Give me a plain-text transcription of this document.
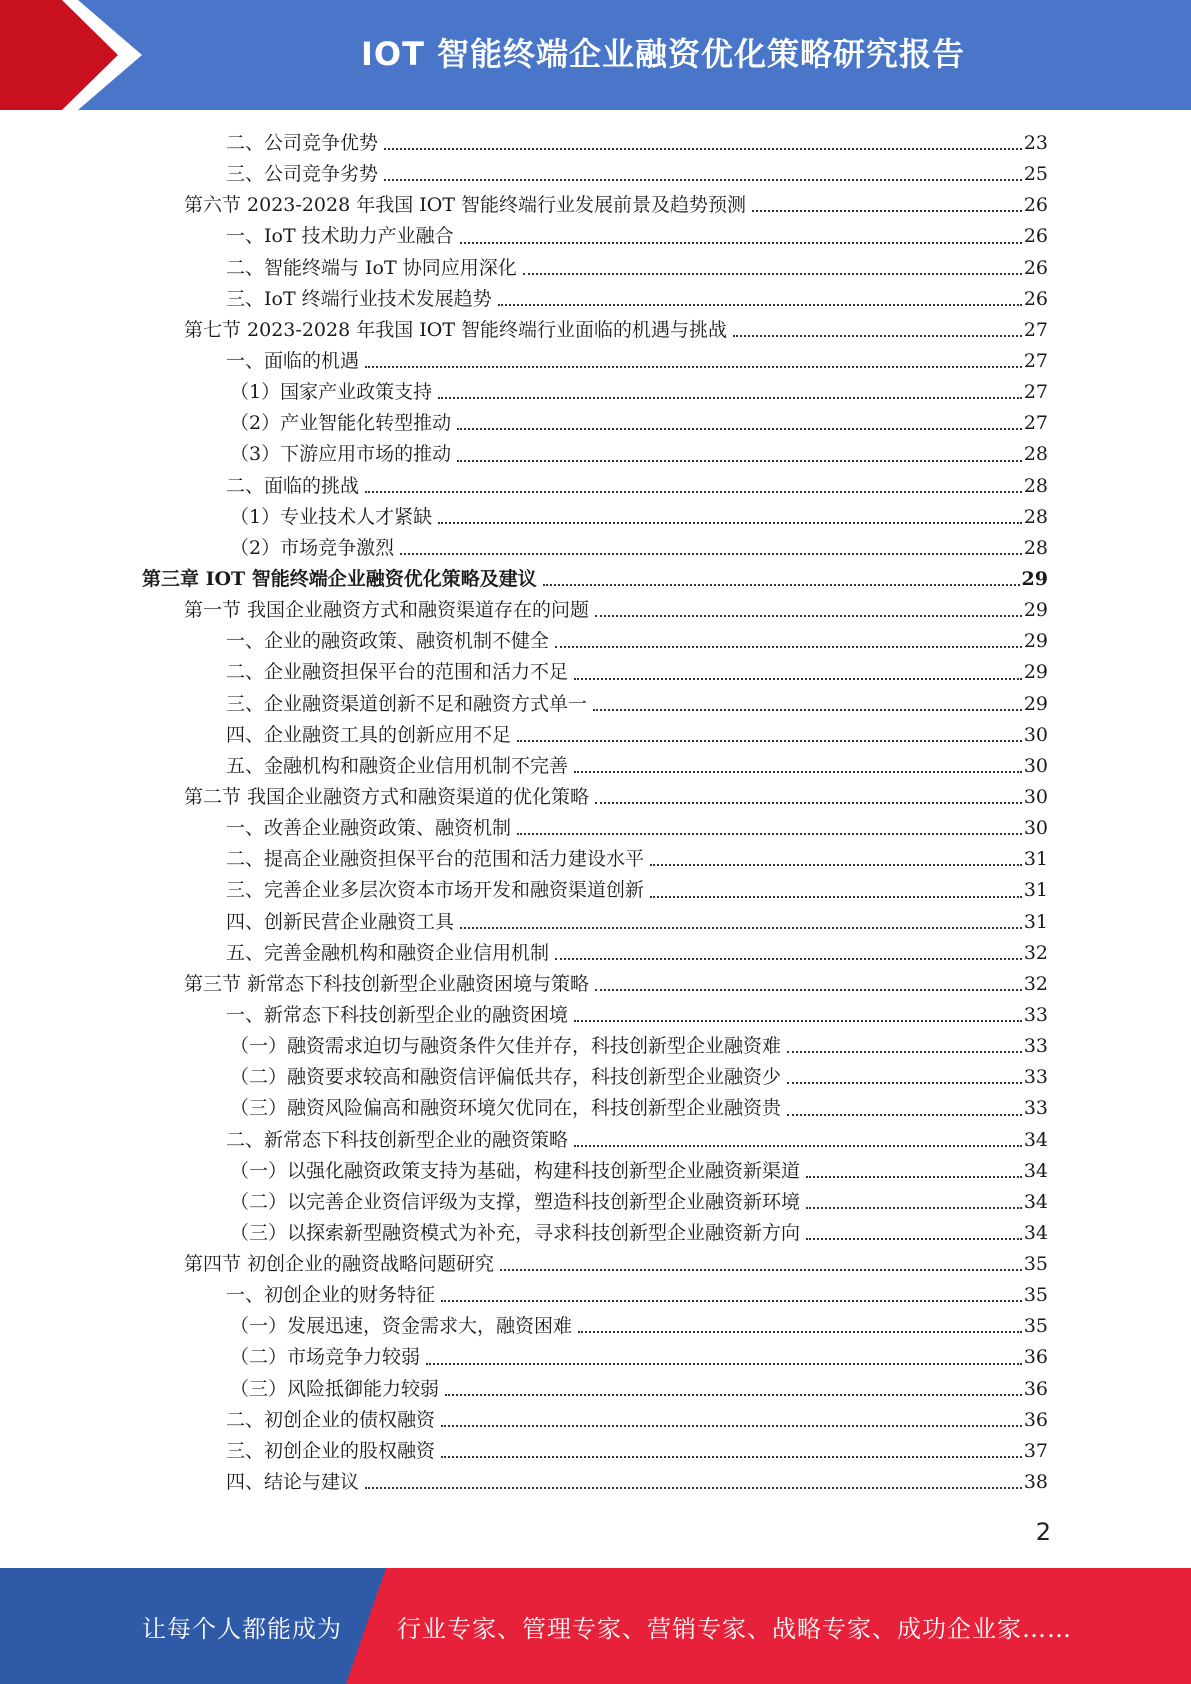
IOT 智能终端企业融资优化策略研究报告
二、公司竞争优势	23
三、公司竞争劣势	25
第六节 2023-2028 年我国 IOT 智能终端行业发展前景及趋势预测	26
一、IoT 技术助力产业融合	26
二、智能终端与 IoT 协同应用深化	26
三、IoT 终端行业技术发展趋势	26
第七节 2023-2028 年我国 IOT 智能终端行业面临的机遇与挑战	27
一、面临的机遇	27
（1）国家产业政策支持	27
（2）产业智能化转型推动	27
（3）下游应用市场的推动	28
二、面临的挑战	28
（1）专业技术人才紧缺	28
（2）市场竞争激烈	28
第三章 IOT 智能终端企业融资优化策略及建议	29
第一节 我国企业融资方式和融资渠道存在的问题	29
一、企业的融资政策、融资机制不健全	29
二、企业融资担保平台的范围和活力不足	29
三、企业融资渠道创新不足和融资方式单一	29
四、企业融资工具的创新应用不足	30
五、金融机构和融资企业信用机制不完善	30
第二节 我国企业融资方式和融资渠道的优化策略	30
一、改善企业融资政策、融资机制	30
二、提高企业融资担保平台的范围和活力建设水平	31
三、完善企业多层次资本市场开发和融资渠道创新	31
四、创新民营企业融资工具	31
五、完善金融机构和融资企业信用机制	32
第三节 新常态下科技创新型企业融资困境与策略	32
一、新常态下科技创新型企业的融资困境	33
（一）融资需求迫切与融资条件欠佳并存，科技创新型企业融资难	33
（二）融资要求较高和融资信评偏低共存，科技创新型企业融资少	33
（三）融资风险偏高和融资环境欠优同在，科技创新型企业融资贵	33
二、新常态下科技创新型企业的融资策略	34
（一）以强化融资政策支持为基础，构建科技创新型企业融资新渠道	34
（二）以完善企业资信评级为支撑，塑造科技创新型企业融资新环境	34
（三）以探索新型融资模式为补充，寻求科技创新型企业融资新方向	34
第四节 初创企业的融资战略问题研究	35
一、初创企业的财务特征	35
（一）发展迅速，资金需求大，融资困难	35
（二）市场竞争力较弱	36
（三）风险抵御能力较弱	36
二、初创企业的债权融资	36
三、初创企业的股权融资	37
四、结论与建议	38
2
让每个人都能成为 行业专家、管理专家、营销专家、战略专家、成功企业家……
